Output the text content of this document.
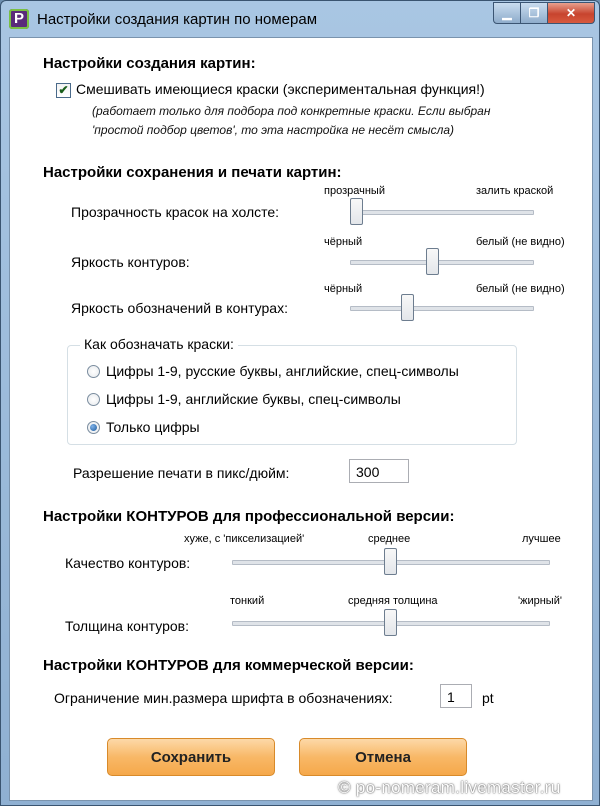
P Настройки создания картин по номерам	▁	❐	✕
Настройки создания картин:
✔ Смешивать имеющиеся краски (экспериментальная функция!)
(работает только для подбора под конкретные краски. Если выбран
'простой подбор цветов', то эта настройка не несёт смысла)
Настройки сохранения и печати картин:
прозрачный	залить краской
Прозрачность красок на холсте:
чёрный	белый (не видно)
Яркость контуров:
чёрный	белый (не видно)
Яркость обозначений в контурах:
Как обозначать краски:
Цифры 1-9, русские буквы, английские, спец-символы
Цифры 1-9, английские буквы, спец-символы
Только цифры
Разрешение печати в пикс/дюйм:	300
Настройки КОНТУРОВ для профессиональной версии:
хуже, с 'пикселизацией'	среднее	лучшее
Качество контуров:
тонкий	средняя толщина	'жирный'
Толщина контуров:
Настройки КОНТУРОВ для коммерческой версии:
Ограничение мин.размера шрифта в обозначениях:	1	pt
Сохранить	Отмена
© po-nomeram.livemaster.ru
